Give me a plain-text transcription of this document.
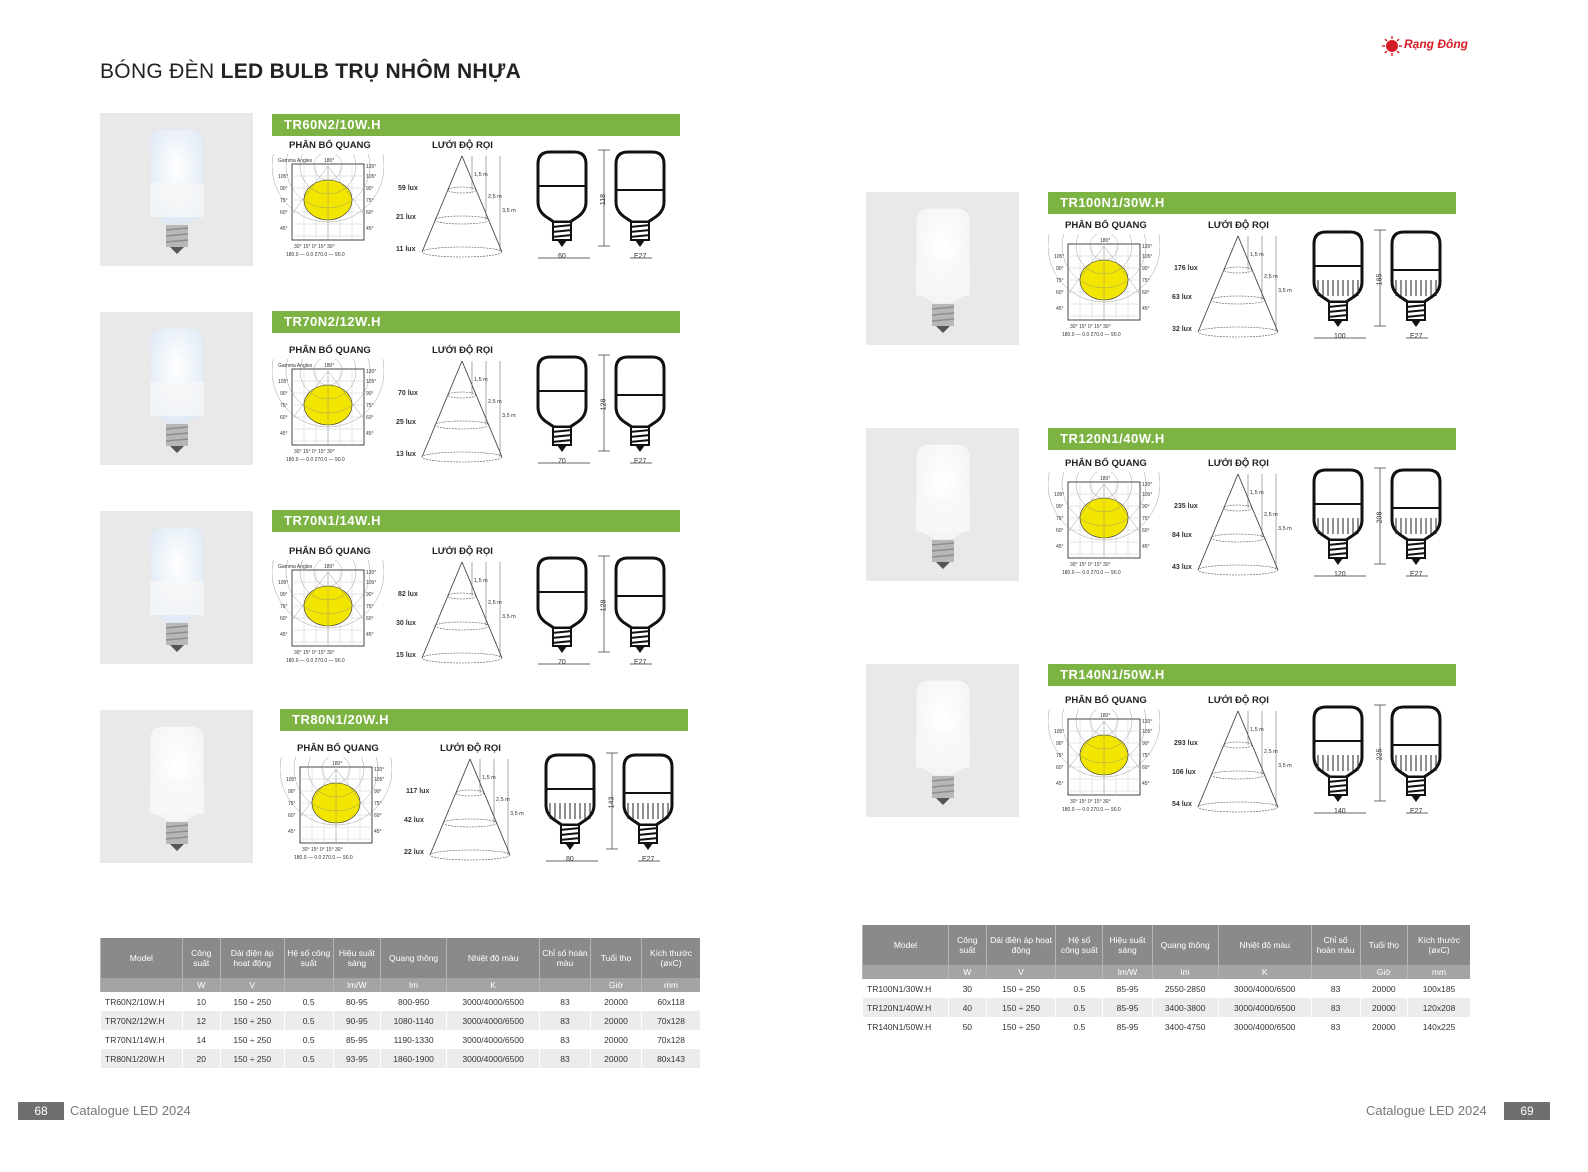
BÓNG ĐÈN LED BULB TRỤ NHÔM NHỰA
Rạng Đông
TR60N2/10W.H
PHÂN BỐ QUANG	LƯỚI ĐỘ RỌI
Gamma Angles
105°
90°
75°
60°
45°
120°
105°
90°
75°
60°
45°
180°
30° 15° 0° 15° 30°
180.0 — 0.0 270.0 — 90.0
1,5 m
2,5 m
3,5 m
59 lux
21 lux
11 lux
118
60	E27
TR70N2/12W.H
PHÂN BỐ QUANG	LƯỚI ĐỘ RỌI
Gamma Angles
105°
90°
75°
60°
45°
120°
105°
90°
75°
60°
45°
180°
30° 15° 0° 15° 30°
180.0 — 0.0 270.0 — 90.0
1,5 m
2,5 m
3,5 m
70 lux
25 lux
13 lux
128
70	E27
TR70N1/14W.H
PHÂN BỐ QUANG	LƯỚI ĐỘ RỌI
Gamma Angles
105°
90°
75°
60°
45°
120°
105°
90°
75°
60°
45°
180°
30° 15° 0° 15° 30°
180.0 — 0.0 270.0 — 90.0
1,5 m
2,5 m
3,5 m
82 lux
30 lux
15 lux
128
70	E27
TR80N1/20W.H
PHÂN BỐ QUANG	LƯỚI ĐỘ RỌI
105°
90°
75°
60°
45°
120°
105°
90°
75°
60°
45°
180°
30° 15° 0° 15° 30°
180.0 — 0.0 270.0 — 90.0
1,5 m
2,5 m
3,5 m
117 lux
42 lux
22 lux
143
80	E27
TR100N1/30W.H
PHÂN BỐ QUANG	LƯỚI ĐỘ RỌI
105°
90°
75°
60°
45°
120°
105°
90°
75°
60°
45°
180°
30° 15° 0° 15° 30°
180.0 — 0.0 270.0 — 90.0
1,5 m
2,5 m
3,5 m
176 lux
63 lux
32 lux
185
100	E27
TR120N1/40W.H
PHÂN BỐ QUANG	LƯỚI ĐỘ RỌI
105°
90°
75°
60°
45°
120°
105°
90°
75°
60°
45°
180°
30° 15° 0° 15° 30°
180.0 — 0.0 270.0 — 90.0
1,5 m
2,5 m
3,5 m
235 lux
84 lux
43 lux
208
120	E27
TR140N1/50W.H
PHÂN BỐ QUANG	LƯỚI ĐỘ RỌI
105°
90°
75°
60°
45°
120°
105°
90°
75°
60°
45°
180°
30° 15° 0° 15° 30°
180.0 — 0.0 270.0 — 90.0
1,5 m
2,5 m
3,5 m
293 lux
106 lux
54 lux
225
140	E27
Model	Công suất	Dải điện áp hoạt động	Hệ số công suất	Hiệu suất sáng	Quang thông	Nhiệt độ màu	Chỉ số hoàn màu	Tuổi thọ	Kích thước (øxC)
	W	V		lm/W	lm	K		Giờ	mm
TR60N2/10W.H	10	150 ÷ 250	0.5	80-95	800-950	3000/4000/6500	83	20000	60x118
TR70N2/12W.H	12	150 ÷ 250	0.5	90-95	1080-1140	3000/4000/6500	83	20000	70x128
TR70N1/14W.H	14	150 ÷ 250	0.5	85-95	1190-1330	3000/4000/6500	83	20000	70x128
TR80N1/20W.H	20	150 ÷ 250	0.5	93-95	1860-1900	3000/4000/6500	83	20000	80x143
Model	Công suất	Dải điện áp hoạt động	Hệ số công suất	Hiệu suất sáng	Quang thông	Nhiệt độ màu	Chỉ số hoàn màu	Tuổi thọ	Kích thước (øxC)
	W	V		lm/W	lm	K		Giờ	mm
TR100N1/30W.H	30	150 ÷ 250	0.5	85-95	2550-2850	3000/4000/6500	83	20000	100x185
TR120N1/40W.H	40	150 ÷ 250	0.5	85-95	3400-3800	3000/4000/6500	83	20000	120x208
TR140N1/50W.H	50	150 ÷ 250	0.5	85-95	3400-4750	3000/4000/6500	83	20000	140x225
68	Catalogue LED 2024	Catalogue LED 2024	69
